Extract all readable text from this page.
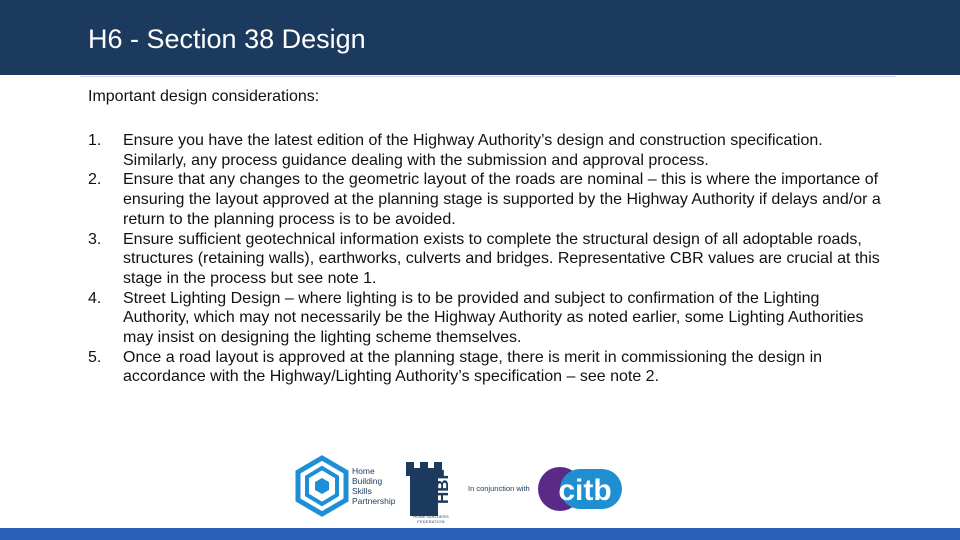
H6 - Section 38 Design
Important design considerations:
1. Ensure you have the latest edition of the Highway Authority’s design and construction specification. Similarly, any process guidance dealing with the submission and approval process.
2. Ensure that any changes to the geometric layout of the roads are nominal – this is where the importance of ensuring the layout approved at the planning stage is supported by the Highway Authority if delays and/or a return to the planning process is to be avoided.
3. Ensure sufficient geotechnical information exists to complete the structural design of all adoptable roads, structures (retaining walls), earthworks, culverts and bridges. Representative CBR values are crucial at this stage in the process but see note 1.
4. Street Lighting Design – where lighting is to be provided and subject to confirmation of the Lighting Authority, which may not necessarily be the Highway Authority as noted earlier, some Lighting Authorities may insist on designing the lighting scheme themselves.
5. Once a road layout is approved at the planning stage, there is merit in commissioning the design in accordance with the Highway/Lighting Authority’s specification – see note 2.
Home
Building
Skills
Partnership HBF
HOME BUILDERS FEDERATION
In conjunction with citb
